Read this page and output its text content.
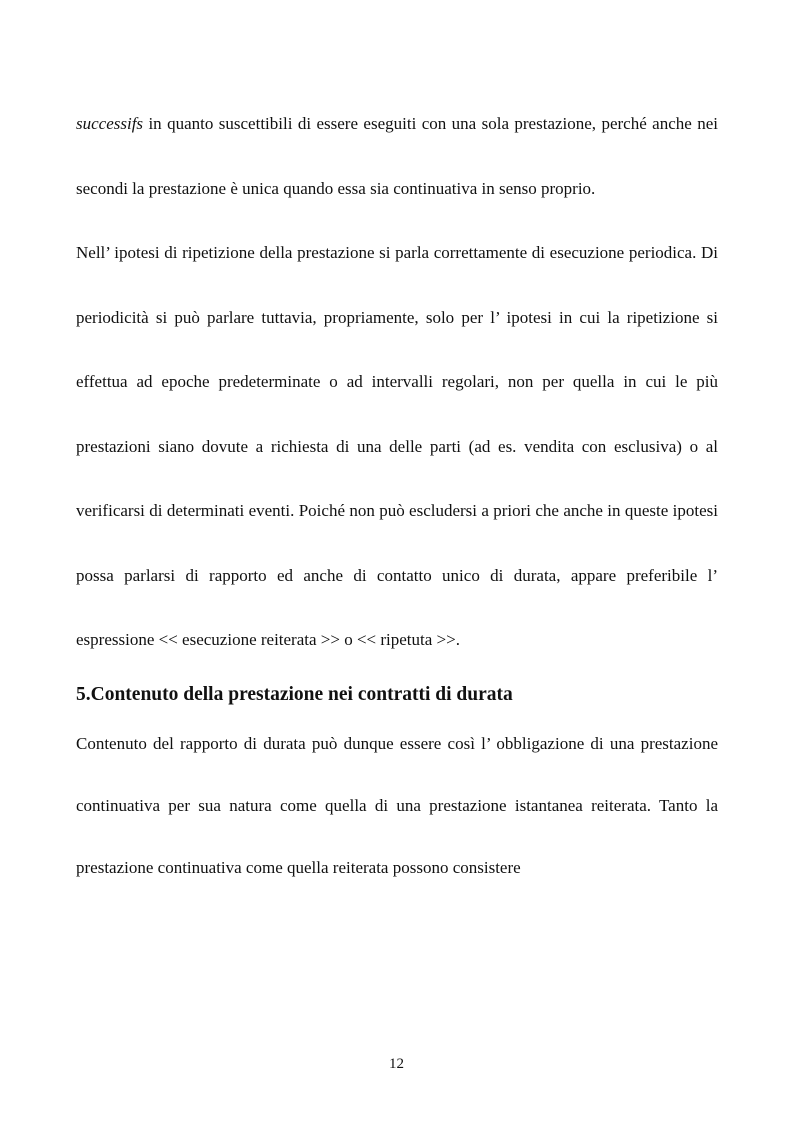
successifs in quanto suscettibili di essere eseguiti con una sola prestazione, perché anche nei secondi la prestazione è unica quando essa sia continuativa in senso proprio.

Nell’ ipotesi di ripetizione della prestazione si parla correttamente di esecuzione periodica. Di periodicità si può parlare tuttavia, propriamente, solo per l’ ipotesi in cui la ripetizione si effettua ad epoche predeterminate o ad intervalli regolari, non per quella in cui le più prestazioni siano dovute a richiesta di una delle parti (ad es. vendita con esclusiva) o al verificarsi di determinati eventi. Poiché non può escludersi a priori che anche in queste ipotesi possa parlarsi di rapporto ed anche di contatto unico di durata, appare preferibile l’ espressione << esecuzione reiterata >> o << ripetuta >>.

5.Contenuto della prestazione nei contratti di durata

Contenuto del rapporto di durata può dunque essere così l’ obbligazione di una prestazione continuativa per sua natura come quella di una prestazione istantanea reiterata. Tanto la prestazione continuativa come quella reiterata possono consistere

12
